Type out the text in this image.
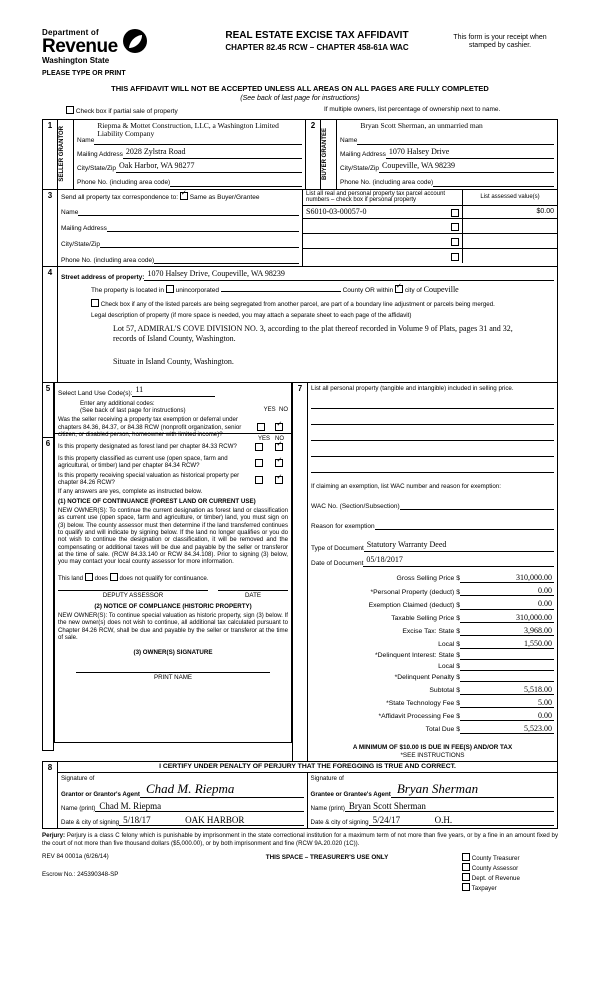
Department of
Revenue
Washington State
PLEASE TYPE OR PRINT
REAL ESTATE EXCISE TAX AFFIDAVIT
CHAPTER 82.45 RCW – CHAPTER 458-61A WAC
This form is your receipt when stamped by cashier.
THIS AFFIDAVIT WILL NOT BE ACCEPTED UNLESS ALL AREAS ON ALL PAGES ARE FULLY COMPLETED
(See back of last page for instructions)
Check box if partial sale of property	If multiple owners, list percentage of ownership next to name.
1

SELLER GRANTOR	Name
Riepma & Mottet Construction, LLC, a Washington Limited Liability Company
Mailing Address 2028 Zylstra Road
City/State/Zip Oak Harbor, WA 98277
Phone No. (including area code)

2

BUYER GRANTEE	Name
Bryan Scott Sherman, an unmarried man
Mailing Address 1070 Halsey Drive
City/State/Zip Coupeville, WA 98239
Phone No. (including area code)
3	Send all property tax correspondence to: ✓ Same as Buyer/Grantee
Name
Mailing Address
City/State/Zip
Phone No. (including area code)

List all real and personal property tax parcel account numbers – check box if personal property	List assessed value(s)
S6010-03-00057-0	$0.00

4

Street address of property: 1070 Halsey Drive, Coupeville, WA 98239
The property is located in unincorporated	County OR within ✓ city of Coupeville
Check box if any of the listed parcels are being segregated from another parcel, are part of a boundary line adjustment or parcels being merged.
Legal description of property (if more space is needed, you may attach a separate sheet to each page of the affidavit)
Lot 57, ADMIRAL'S COVE DIVISION NO. 3, according to the plat thereof recorded in Volume 9 of Plats, pages 31 and 32, records of Island County, Washington.
Situate in Island County, Washington.
5

6

Select Land Use Code(s): 11
Enter any additional codes:
(See back of last page for instructions)	YES NO
Was the seller receiving a property tax exemption or deferral under chapters 84.36, 84.37, or 84.38 RCW (nonprofit organization, senior citizen, or disabled person, homeowner with limited income)?
✓
YES NO
Is this property designated as forest land per chapter 84.33 RCW?
✓
Is this property classified as current use (open space, farm and agricultural, or timber) land per chapter 84.34 RCW?
✓
Is this property receiving special valuation as historical property per chapter 84.26 RCW?
✓
If any answers are yes, complete as instructed below.
(1) NOTICE OF CONTINUANCE (FOREST LAND OR CURRENT USE)
NEW OWNER(S): To continue the current designation as forest land or classification as current use (open space, farm and agriculture, or timber) land, you must sign on (3) below. The county assessor must then determine if the land transferred continues to qualify and will indicate by signing below. If the land no longer qualifies or you do not wish to continue the designation or classification, it will be removed and the compensating or additional taxes will be due and payable by the seller or transferor at the time of sale. (RCW 84.33.140 or RCW 84.34.108). Prior to signing (3) below, you may contact your local county assessor for more information.
This land does does not qualify for continuance.
DEPUTY ASSESSOR	DATE
(2) NOTICE OF COMPLIANCE (HISTORIC PROPERTY)
NEW OWNER(S): To continue special valuation as historic property, sign (3) below. If the new owner(s) does not wish to continue, all additional tax calculated pursuant to Chapter 84.26 RCW, shall be due and payable by the seller or transferor at the time of sale.
(3) OWNER(S) SIGNATURE
PRINT NAME

7	List all personal property (tangible and intangible) included in selling price.
If claiming an exemption, list WAC number and reason for exemption:
WAC No. (Section/Subsection)
Reason for exemption
Type of Document Statutory Warranty Deed
Date of Document 05/18/2017
Gross Selling Price $	310,000.00
*Personal Property (deduct) $	0.00
Exemption Claimed (deduct) $	0.00
Taxable Selling Price $	310,000.00
Excise Tax: State $	3,968.00
Local $	1,550.00
*Delinquent Interest: State $
Local $
*Delinquent Penalty $
Subtotal $	5,518.00
*State Technology Fee $	5.00
*Affidavit Processing Fee $	0.00
Total Due $	5,523.00
A MINIMUM OF $10.00 IS DUE IN FEE(S) AND/OR TAX
*SEE INSTRUCTIONS
8	I CERTIFY UNDER PENALTY OF PERJURY THAT THE FOREGOING IS TRUE AND CORRECT.
Signature of
Grantor or Grantor's Agent Chad M. Riepma
Name (print) Chad M. Riepma
Date & city of signing 5/18/17	OAK HARBOR
Signature of
Grantee or Grantee's Agent Bryan Sherman
Name (print) Bryan Scott Sherman
Date & city of signing 5/24/17	O.H.
Perjury: Perjury is a class C felony which is punishable by imprisonment in the state correctional institution for a maximum term of not more than five years, or by a fine in an amount fixed by the court of not more than five thousand dollars ($5,000.00), or by both imprisonment and fine (RCW 9A.20.020 (1C)).
REV 84 0001a (6/26/14)
Escrow No.: 245390348-SP
THIS SPACE – TREASURER'S USE ONLY	County Treasurer
County Assessor
Dept. of Revenue
Taxpayer
